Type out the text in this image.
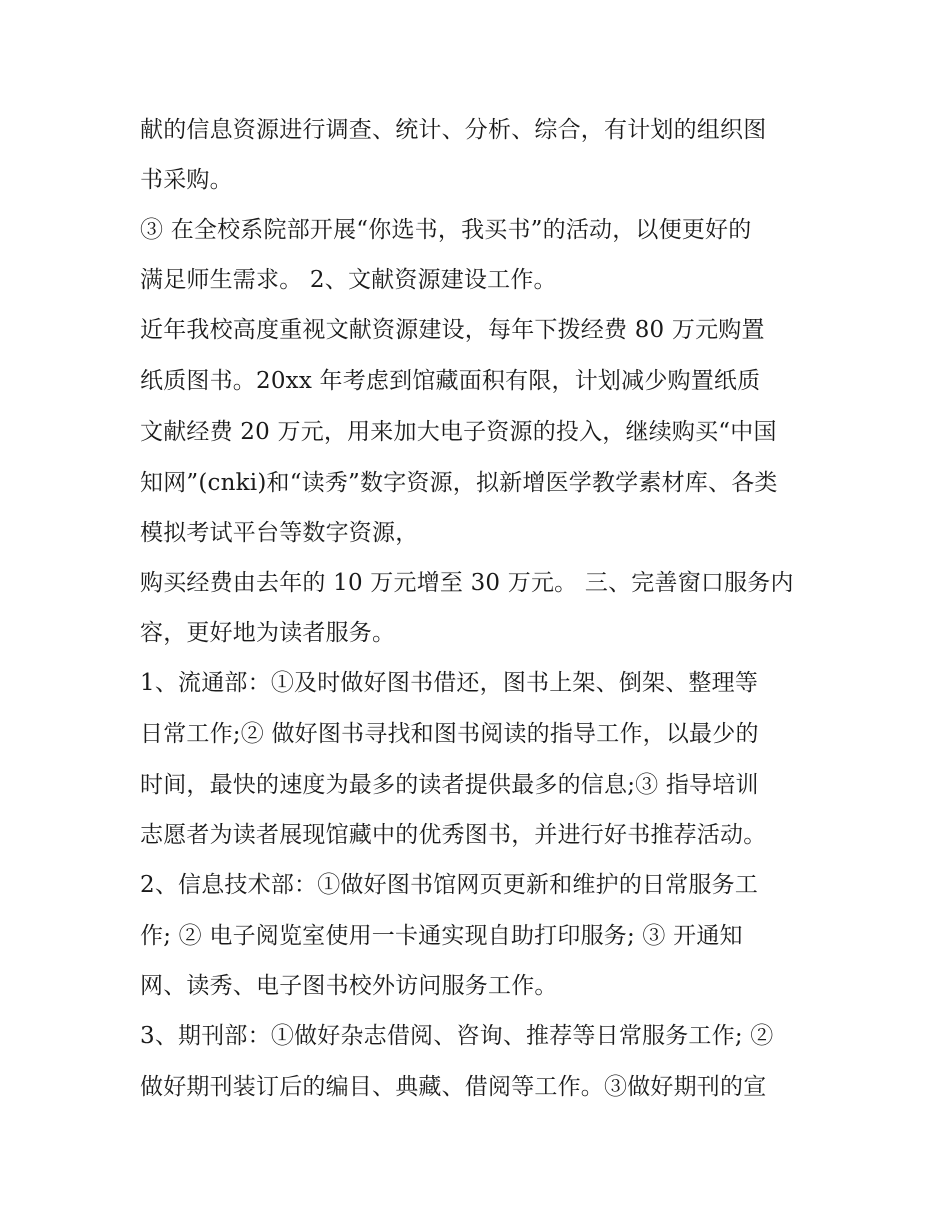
献的信息资源进行调查、统计、分析、综合，有计划的组织图
书采购。
③ 在全校系院部开展“你选书，我买书”的活动，以便更好的
满足师生需求。 2、文献资源建设工作。
近年我校高度重视文献资源建设，每年下拨经费 80 万元购置
纸质图书。20xx 年考虑到馆藏面积有限，计划减少购置纸质
文献经费 20 万元，用来加大电子资源的投入，继续购买“中国
知网”(cnki)和“读秀”数字资源，拟新增医学教学素材库、各类
模拟考试平台等数字资源，
购买经费由去年的 10 万元增至 30 万元。 三、完善窗口服务内
容，更好地为读者服务。
1、流通部：①及时做好图书借还，图书上架、倒架、整理等
日常工作;② 做好图书寻找和图书阅读的指导工作，以最少的
时间，最快的速度为最多的读者提供最多的信息;③ 指导培训
志愿者为读者展现馆藏中的优秀图书，并进行好书推荐活动。
2、信息技术部：①做好图书馆网页更新和维护的日常服务工
作; ② 电子阅览室使用一卡通实现自助打印服务; ③ 开通知
网、读秀、电子图书校外访问服务工作。
3、期刊部：①做好杂志借阅、咨询、推荐等日常服务工作; ②
做好期刊装订后的编目、典藏、借阅等工作。③做好期刊的宣
